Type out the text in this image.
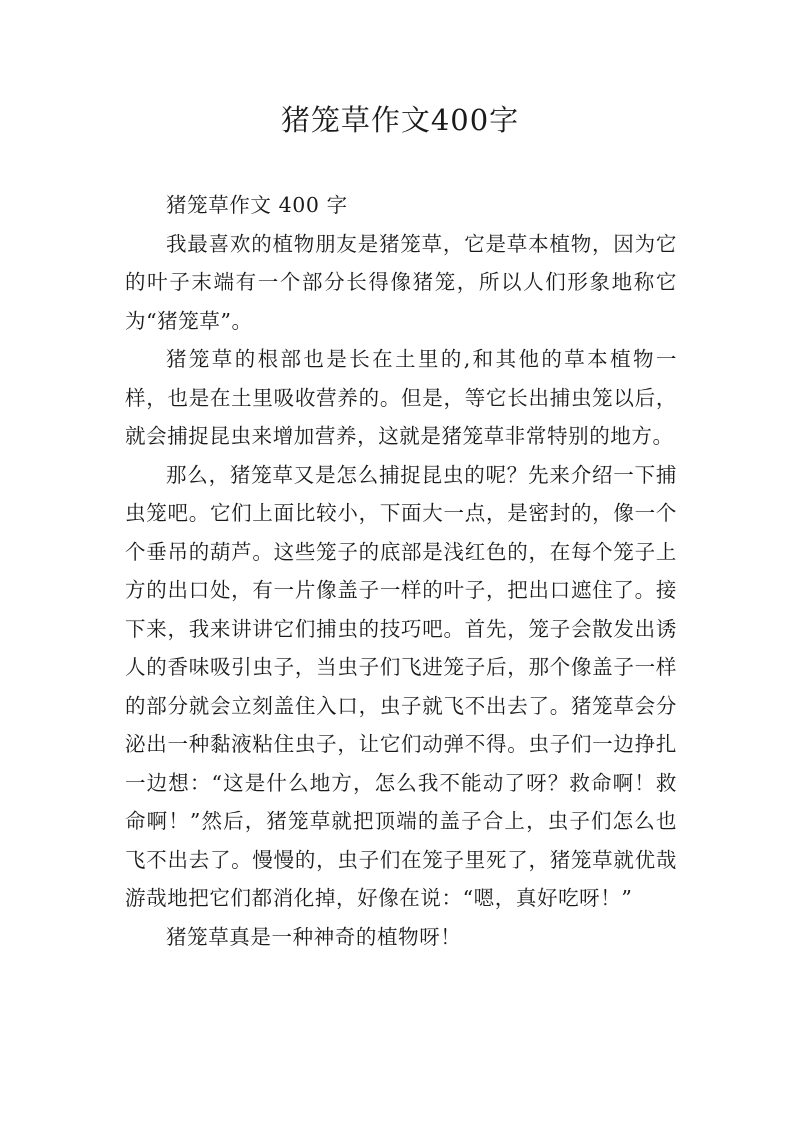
猪笼草作文400字

猪笼草作文 400 字

我最喜欢的植物朋友是猪笼草，它是草本植物，因为它的叶子末端有一个部分长得像猪笼，所以人们形象地称它为“猪笼草”。

猪笼草的根部也是长在土里的,和其他的草本植物一样，也是在土里吸收营养的。但是，等它长出捕虫笼以后，就会捕捉昆虫来增加营养，这就是猪笼草非常特别的地方。

那么，猪笼草又是怎么捕捉昆虫的呢？先来介绍一下捕虫笼吧。它们上面比较小，下面大一点，是密封的，像一个个垂吊的葫芦。这些笼子的底部是浅红色的，在每个笼子上方的出口处，有一片像盖子一样的叶子，把出口遮住了。接下来，我来讲讲它们捕虫的技巧吧。首先，笼子会散发出诱人的香味吸引虫子，当虫子们飞进笼子后，那个像盖子一样的部分就会立刻盖住入口，虫子就飞不出去了。猪笼草会分泌出一种黏液粘住虫子，让它们动弹不得。虫子们一边挣扎一边想：“这是什么地方，怎么我不能动了呀？救命啊！救命啊！”然后，猪笼草就把顶端的盖子合上，虫子们怎么也飞不出去了。慢慢的，虫子们在笼子里死了，猪笼草就优哉游哉地把它们都消化掉，好像在说：“嗯，真好吃呀！”

猪笼草真是一种神奇的植物呀！
